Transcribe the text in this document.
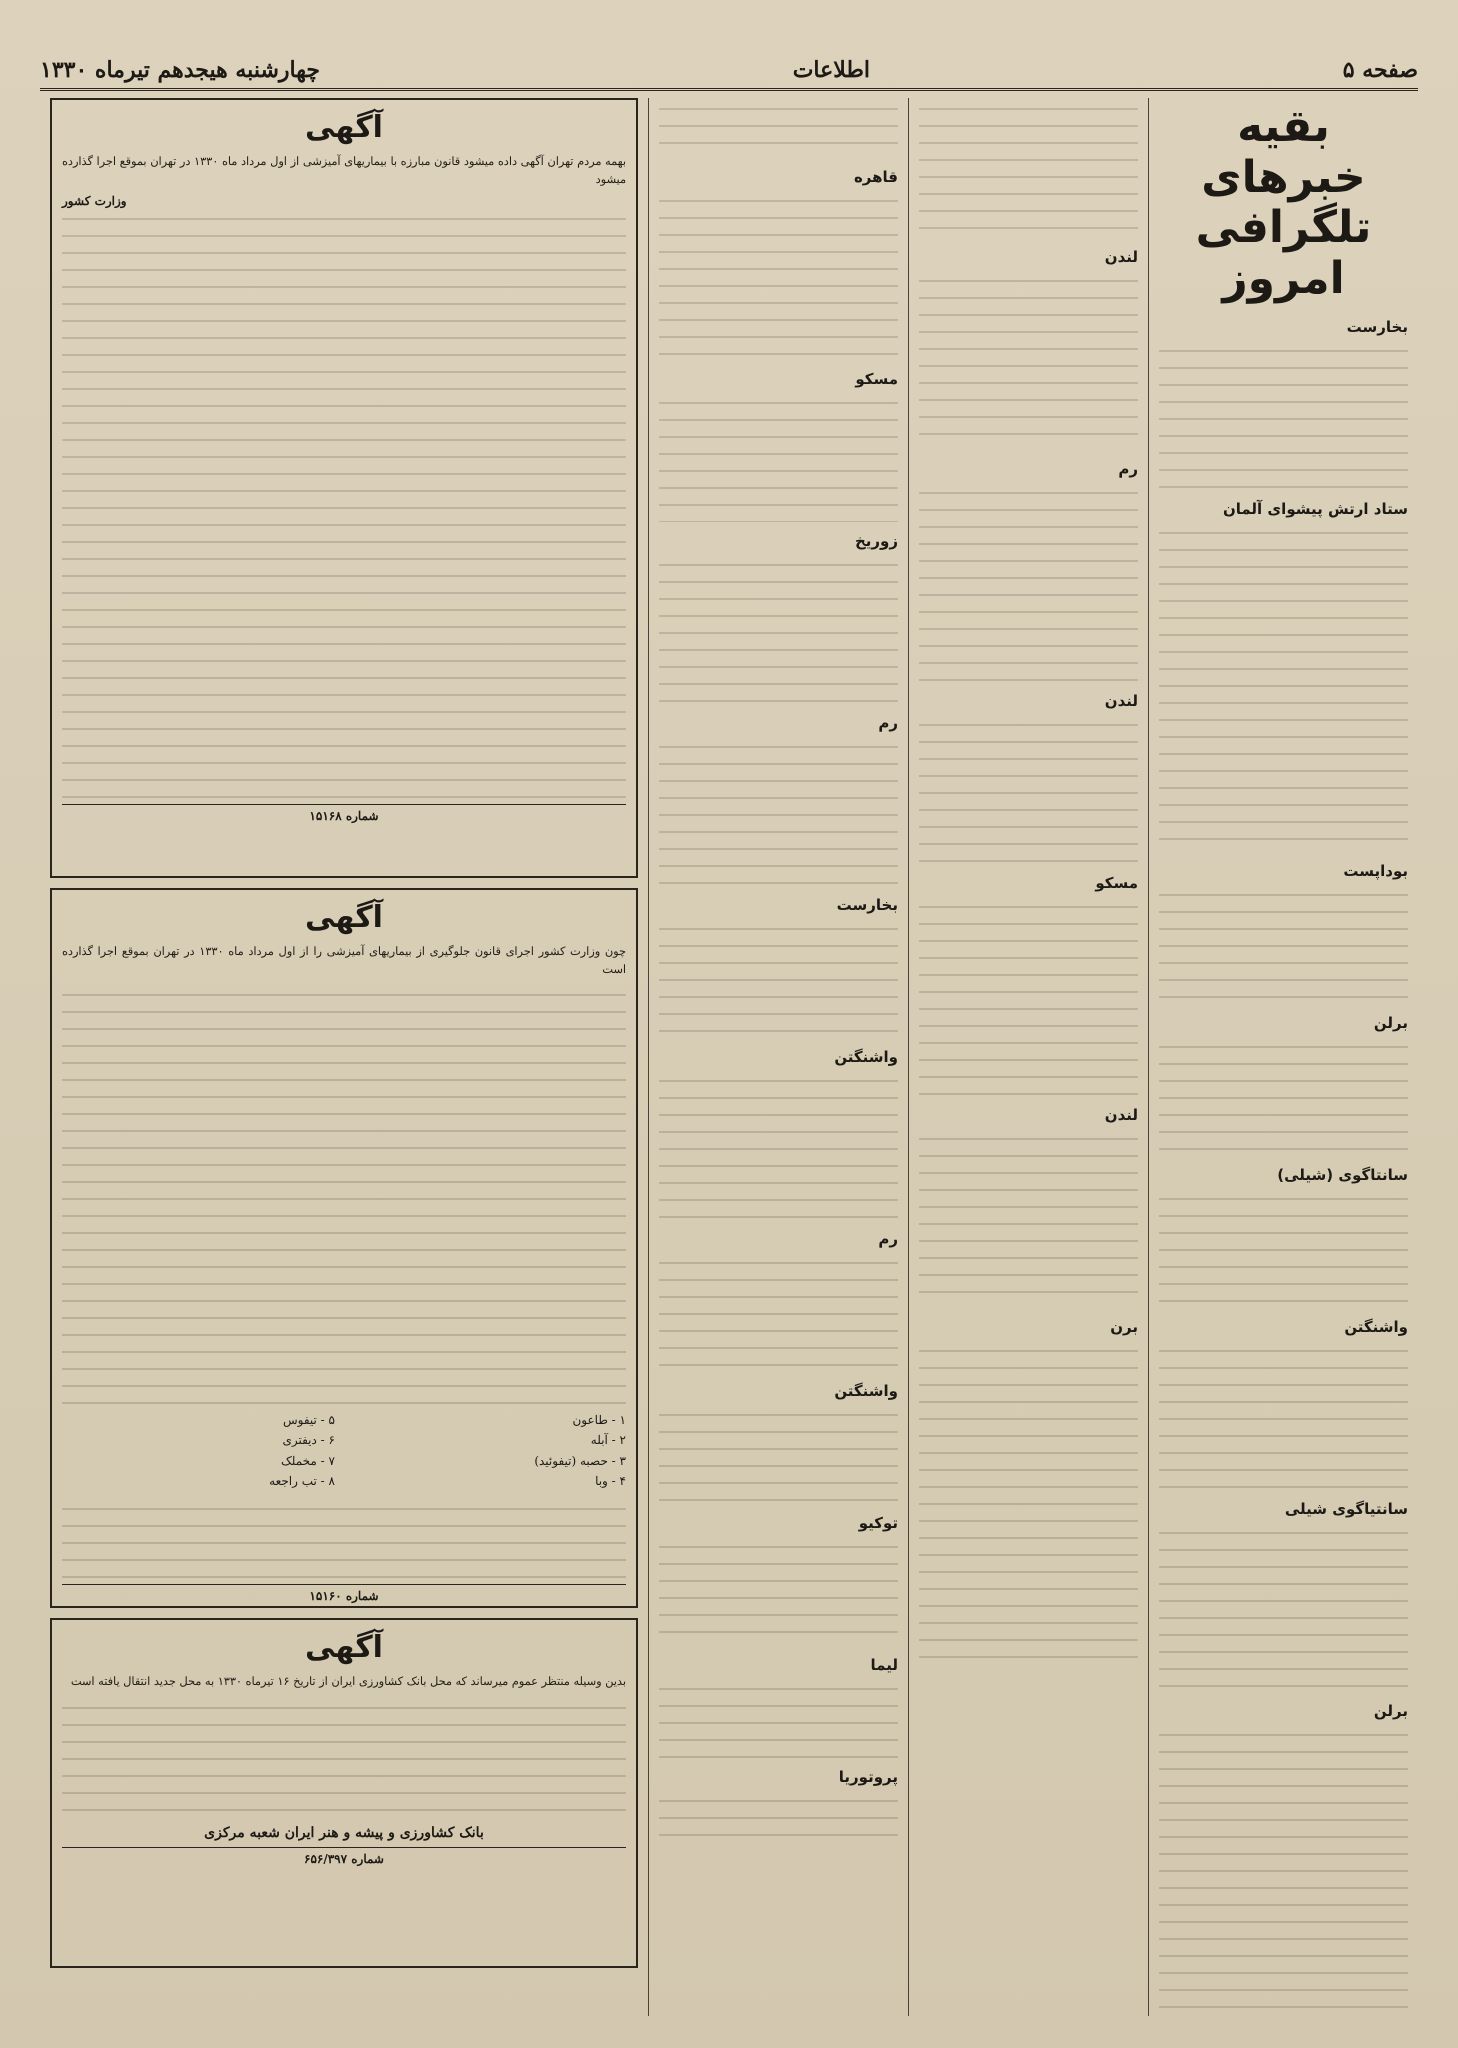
صفحه ۵
اطلاعات
چهارشنبه هیجدهم تیرماه ۱۳۳۰
بقیه خبرهای تلگرافی امروز
بخارست
ستاد ارتش پیشوای آلمان
بوداپست
برلن
سانتاگوی (شیلی)
واشنگتن
سانتیاگوی شیلی
برلن
لندن
رم
لندن
مسکو
لندن
برن
قاهره
مسکو
زوریخ
رم
بخارست
واشنگتن
رم
واشنگتن
توکیو
لیما
پروتوریا
آگهی

بهمه مردم تهران آگهی داده میشود قانون مبارزه با بیماریهای آمیزشی از اول مرداد ماه ۱۳۳۰ در تهران بموقع اجرا گذارده میشود

وزارت کشور
شماره ۱۵۱۶۸
آگهی

چون وزارت کشور اجرای قانون جلوگیری از بیماریهای آمیزشی را از اول مرداد ماه ۱۳۳۰ در تهران بموقع اجرا گذارده است

۱ - طاعون
۲ - آبله
۳ - حصبه (تیفوئید)
۴ - وبا
۵ - تیفوس
۶ - دیفتری
۷ - مخملک
۸ - تب راجعه
شماره ۱۵۱۶۰
آگهی

بدین وسیله منتظر عموم میرساند که محل بانک کشاورزی ایران از تاریخ ۱۶ تیرماه ۱۳۳۰ به محل جدید انتقال یافته است

بانک کشاورزی و پیشه و هنر ایران شعبه مرکزی
شماره ۶۵۶/۳۹۷
